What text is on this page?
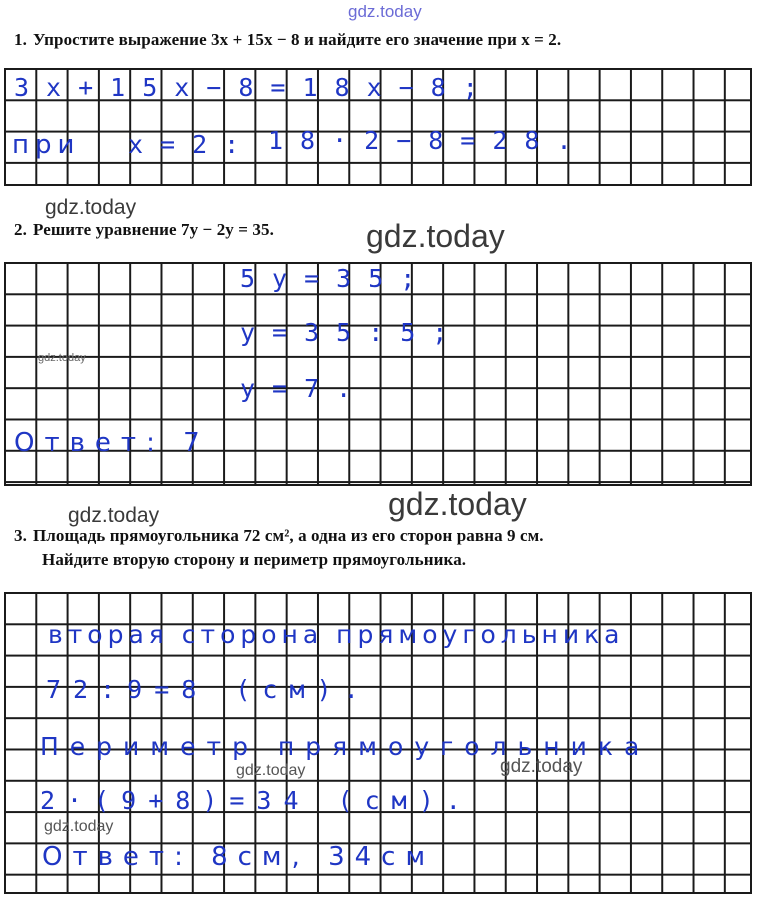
gdz.today
1. Упростите выражение 3x + 15x − 8 и найдите его значение при x = 2.
3x+15x−8=18x−8;
при x=2: 18·2−8=28.
gdz.today
2. Решите уравнение 7y − 2y = 35.	gdz.today
5y=35;
y=35:5;
gdz.today
y=7.
Ответ: 7
gdz.today
gdz.today
3. Площадь прямоугольника 72 см², а одна из его сторон равна 9 см.
Найдите вторую сторону и периметр прямоугольника.
вторая сторона прямоугольника
72:9=8 (см).
Периметр прямоугольника
gdz.today	gdz.today
2·(9+8)=34 (см).
gdz.today
Ответ: 8см, 34см
